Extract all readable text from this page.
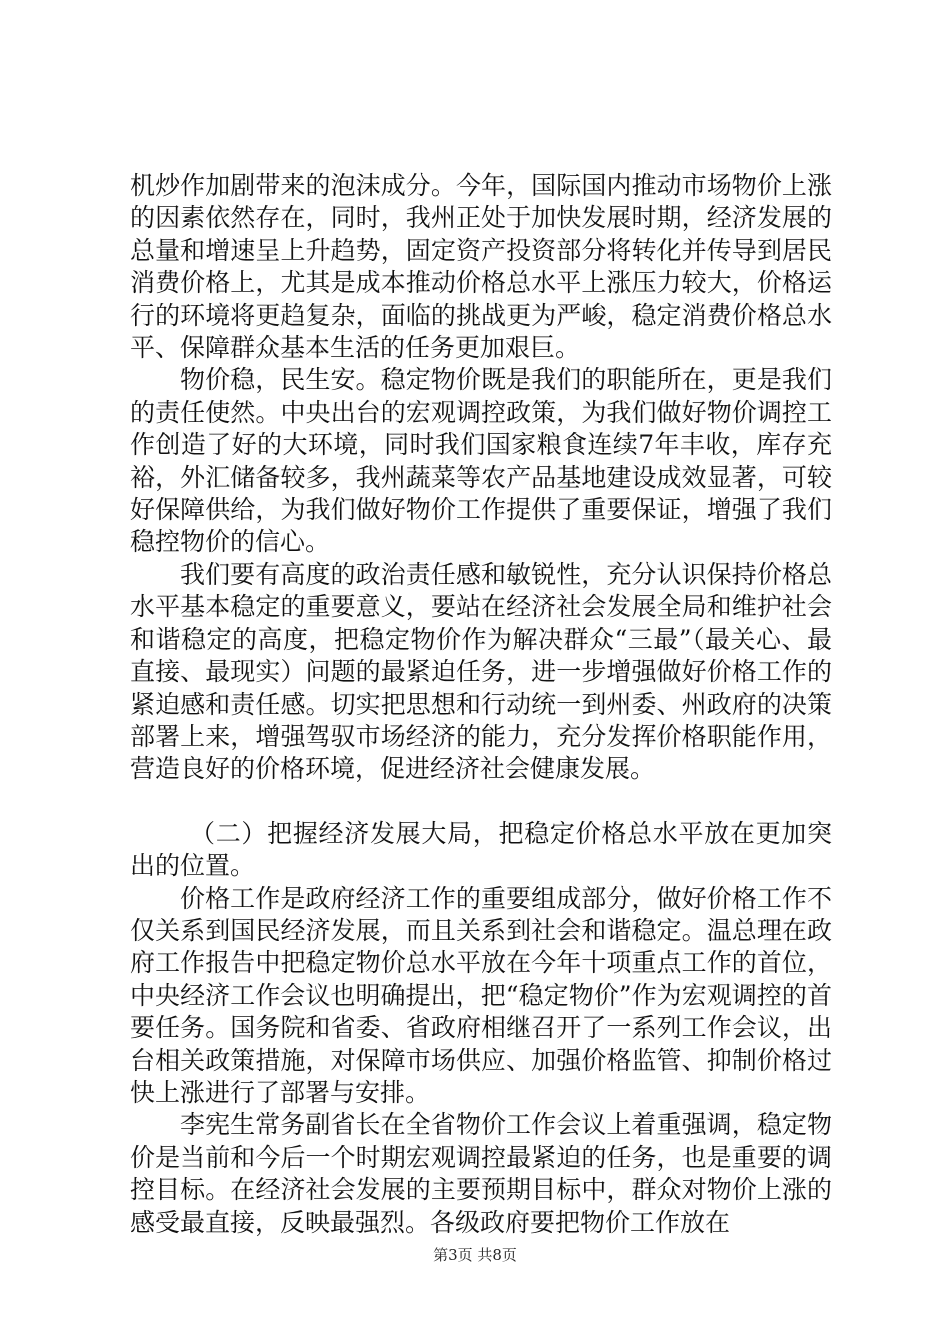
机炒作加剧带来的泡沫成分。今年，国际国内推动市场物价上涨的因素依然存在，同时，我州正处于加快发展时期，经济发展的总量和增速呈上升趋势，固定资产投资部分将转化并传导到居民消费价格上，尤其是成本推动价格总水平上涨压力较大，价格运行的环境将更趋复杂，面临的挑战更为严峻，稳定消费价格总水平、保障群众基本生活的任务更加艰巨。

物价稳，民生安。稳定物价既是我们的职能所在，更是我们的责任使然。中央出台的宏观调控政策，为我们做好物价调控工作创造了好的大环境，同时我们国家粮食连续7年丰收，库存充裕，外汇储备较多，我州蔬菜等农产品基地建设成效显著，可较好保障供给，为我们做好物价工作提供了重要保证，增强了我们稳控物价的信心。

我们要有高度的政治责任感和敏锐性，充分认识保持价格总水平基本稳定的重要意义，要站在经济社会发展全局和维护社会和谐稳定的高度，把稳定物价作为解决群众“三最”（最关心、最直接、最现实）问题的最紧迫任务，进一步增强做好价格工作的紧迫感和责任感。切实把思想和行动统一到州委、州政府的决策部署上来，增强驾驭市场经济的能力，充分发挥价格职能作用，营造良好的价格环境，促进经济社会健康发展。

（二）把握经济发展大局，把稳定价格总水平放在更加突出的位置。

价格工作是政府经济工作的重要组成部分，做好价格工作不仅关系到国民经济发展，而且关系到社会和谐稳定。温总理在政府工作报告中把稳定物价总水平放在今年十项重点工作的首位，中央经济工作会议也明确提出，把“稳定物价”作为宏观调控的首要任务。国务院和省委、省政府相继召开了一系列工作会议，出台相关政策措施，对保障市场供应、加强价格监管、抑制价格过快上涨进行了部署与安排。

李宪生常务副省长在全省物价工作会议上着重强调，稳定物价是当前和今后一个时期宏观调控最紧迫的任务，也是重要的调控目标。在经济社会发展的主要预期目标中，群众对物价上涨的感受最直接，反映最强烈。各级政府要把物价工作放在

第3页 共8页
